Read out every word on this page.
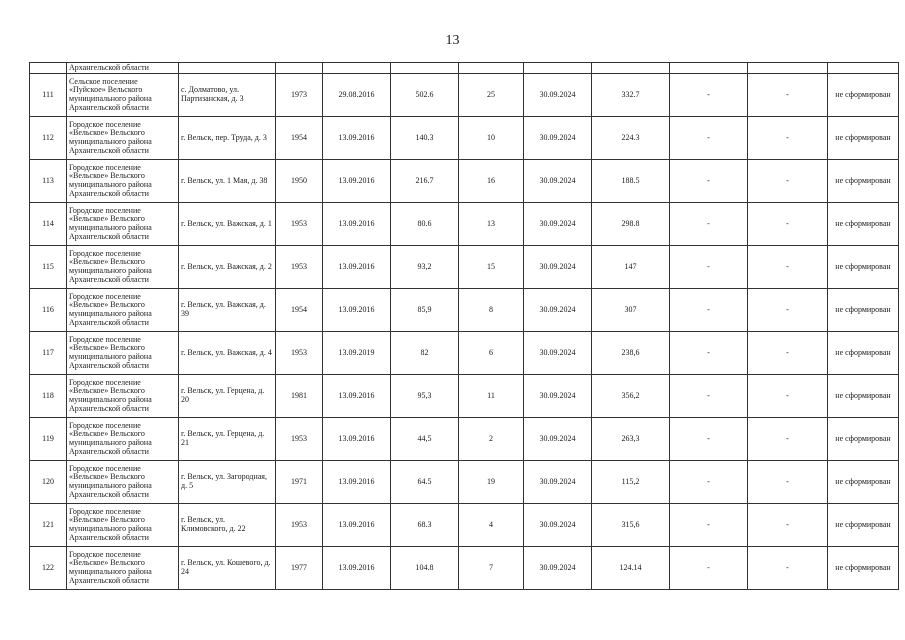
13
	Архангельской области										
111	Сельское поселение «Пуйское» Вельского муниципального района Архангельской области	с. Долматово, ул. Партизанская, д. 3	1973	29.08.2016	502.6	25	30.09.2024	332.7	-	-	не сформирован
112	Городское поселение «Вельское» Вельского муниципального района Архангельской области	г. Вельск, пер. Труда, д. 3	1954	13.09.2016	140.3	10	30.09.2024	224.3	-	-	не сформирован
113	Городское поселение «Вельское» Вельского муниципального района Архангельской области	г. Вельск, ул. 1 Мая, д. 38	1950	13.09.2016	216.7	16	30.09.2024	188.5	-	-	не сформирован
114	Городское поселение «Вельское» Вельского муниципального района Архангельской области	г. Вельск, ул. Важская, д. 1	1953	13.09.2016	80.6	13	30.09.2024	298.8	-	-	не сформирован
115	Городское поселение «Вельское» Вельского муниципального района Архангельской области	г. Вельск, ул. Важская, д. 2	1953	13.09.2016	93,2	15	30.09.2024	147	-	-	не сформирован
116	Городское поселение «Вельское» Вельского муниципального района Архангельской области	г. Вельск, ул. Важская, д. 39	1954	13.09.2016	85,9	8	30.09.2024	307	-	-	не сформирован
117	Городское поселение «Вельское» Вельского муниципального района Архангельской области	г. Вельск, ул. Важская, д. 4	1953	13.09.2019	82	6	30.09.2024	238,6	-	-	не сформирован
118	Городское поселение «Вельское» Вельского муниципального района Архангельской области	г. Вельск, ул. Герцена, д. 20	1981	13.09.2016	95,3	11	30.09.2024	356,2	-	-	не сформирован
119	Городское поселение «Вельское» Вельского муниципального района Архангельской области	г. Вельск, ул. Герцена, д. 21	1953	13.09.2016	44,5	2	30.09.2024	263,3	-	-	не сформирован
120	Городское поселение «Вельское» Вельского муниципального района Архангельской области	г. Вельск, ул. Загородная, д. 5	1971	13.09.2016	64.5	19	30.09.2024	115,2	-	-	не сформирован
121	Городское поселение «Вельское» Вельского муниципального района Архангельской области	г. Вельск, ул. Климовского, д. 22	1953	13.09.2016	68.3	4	30.09.2024	315,6	-	-	не сформирован
122	Городское поселение «Вельское» Вельского муниципального района Архангельской области	г. Вельск, ул. Кошевого, д. 24	1977	13.09.2016	104.8	7	30.09.2024	124.14	-	-	не сформирован
